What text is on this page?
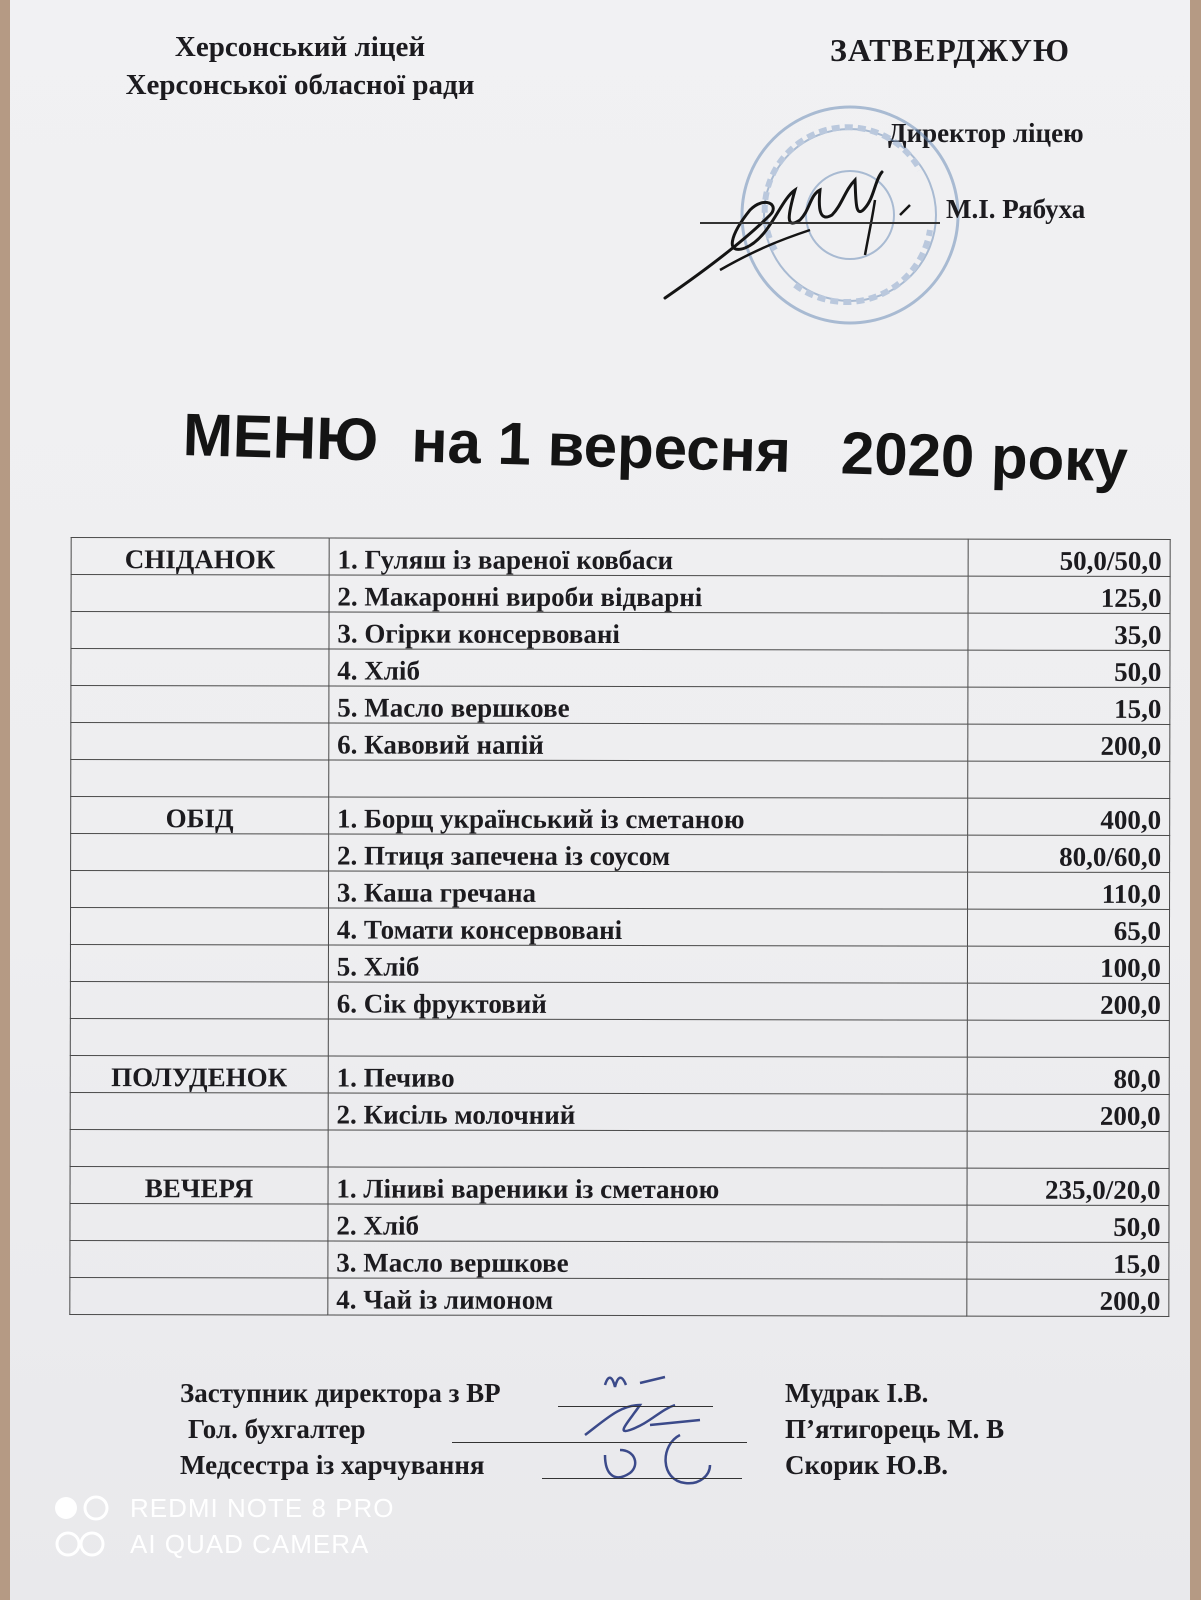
Херсонський ліцей
Херсонської обласної ради
ЗАТВЕРДЖУЮ
Директор ліцею
М.І. Рябуха
МЕНЮ  на 1 вересня   2020 року
СНІДАНОК	1. Гуляш із вареної ковбаси	50,0/50,0
	2. Макаронні вироби відварні	125,0
	3. Огірки консервовані	35,0
	4. Хліб	50,0
	5. Масло вершкове	15,0
	6. Кавовий напій	200,0

ОБІД	1. Борщ український із сметаною	400,0
	2. Птиця запечена із соусом	80,0/60,0
	3. Каша гречана	110,0
	4. Томати консервовані	65,0
	5. Хліб	100,0
	6. Сік фруктовий	200,0

ПОЛУДЕНОК	1. Печиво	80,0
	2. Кисіль молочний	200,0

ВЕЧЕРЯ	1. Ліниві вареники із сметаною	235,0/20,0
	2. Хліб	50,0
	3. Масло вершкове	15,0
	4. Чай із лимоном	200,0
Заступник директора з ВР	Мудрак І.В.
Гол. бухгалтер	П’ятигорець М. В
Медсестра із харчування	Скорик Ю.В.
REDMI NOTE 8 PRO
AI QUAD CAMERA
